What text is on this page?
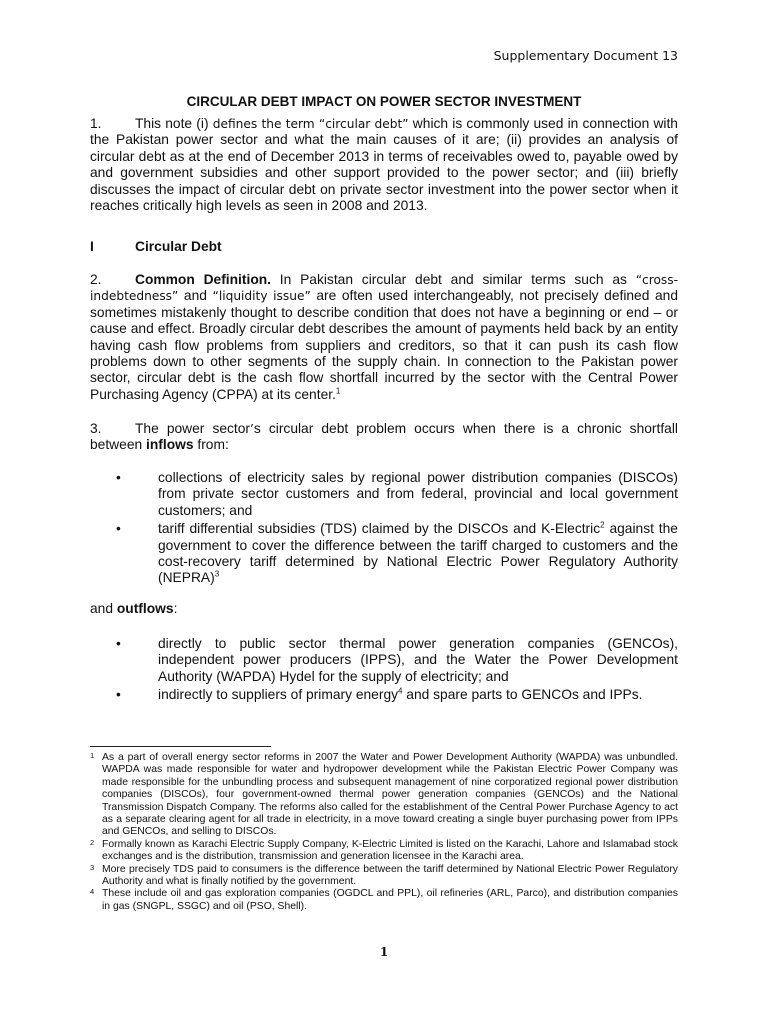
Supplementary Document 13
CIRCULAR DEBT IMPACT ON POWER SECTOR INVESTMENT

1. This note (i) defines the term “circular debt” which is commonly used in connection with the Pakistan power sector and what the main causes of it are; (ii) provides an analysis of circular debt as at the end of December 2013 in terms of receivables owed to, payable owed by and government subsidies and other support provided to the power sector; and (iii) briefly discusses the impact of circular debt on private sector investment into the power sector when it reaches critically high levels as seen in 2008 and 2013.

I	Circular Debt

2. Common Definition. In Pakistan circular debt and similar terms such as “cross-indebtedness” and “liquidity issue” are often used interchangeably, not precisely defined and sometimes mistakenly thought to describe condition that does not have a beginning or end – or cause and effect. Broadly circular debt describes the amount of payments held back by an entity having cash flow problems from suppliers and creditors, so that it can push its cash flow problems down to other segments of the supply chain. In connection to the Pakistan power sector, circular debt is the cash flow shortfall incurred by the sector with the Central Power Purchasing Agency (CPPA) at its center.$^1$

3. The power sector’s circular debt problem occurs when there is a chronic shortfall between inflows from:

•	collections of electricity sales by regional power distribution companies (DISCOs) from private sector customers and from federal, provincial and local government customers; and
•	tariff differential subsidies (TDS) claimed by the DISCOs and K-Electric$^2$ against the government to cover the difference between the tariff charged to customers and the cost-recovery tariff determined by National Electric Power Regulatory Authority (NEPRA)$^3$
and outflows:
•	directly to public sector thermal power generation companies (GENCOs), independent power producers (IPPS), and the Water the Power Development Authority (WAPDA) Hydel for the supply of electricity; and
•	indirectly to suppliers of primary energy$^4$ and spare parts to GENCOs and IPPs.
1 As a part of overall energy sector reforms in 2007 the Water and Power Development Authority (WAPDA) was unbundled. WAPDA was made responsible for water and hydropower development while the Pakistan Electric Power Company was made responsible for the unbundling process and subsequent management of nine corporatized regional power distribution companies (DISCOs), four government-owned thermal power generation companies (GENCOs) and the National Transmission Dispatch Company. The reforms also called for the establishment of the Central Power Purchase Agency to act as a separate clearing agent for all trade in electricity, in a move toward creating a single buyer purchasing power from IPPs and GENCOs, and selling to DISCOs.
2 Formally known as Karachi Electric Supply Company, K-Electric Limited is listed on the Karachi, Lahore and Islamabad stock exchanges and is the distribution, transmission and generation licensee in the Karachi area.
3 More precisely TDS paid to consumers is the difference between the tariff determined by National Electric Power Regulatory Authority and what is finally notified by the government.
4 These include oil and gas exploration companies (OGDCL and PPL), oil refineries (ARL, Parco), and distribution companies in gas (SNGPL, SSGC) and oil (PSO, Shell).
1
